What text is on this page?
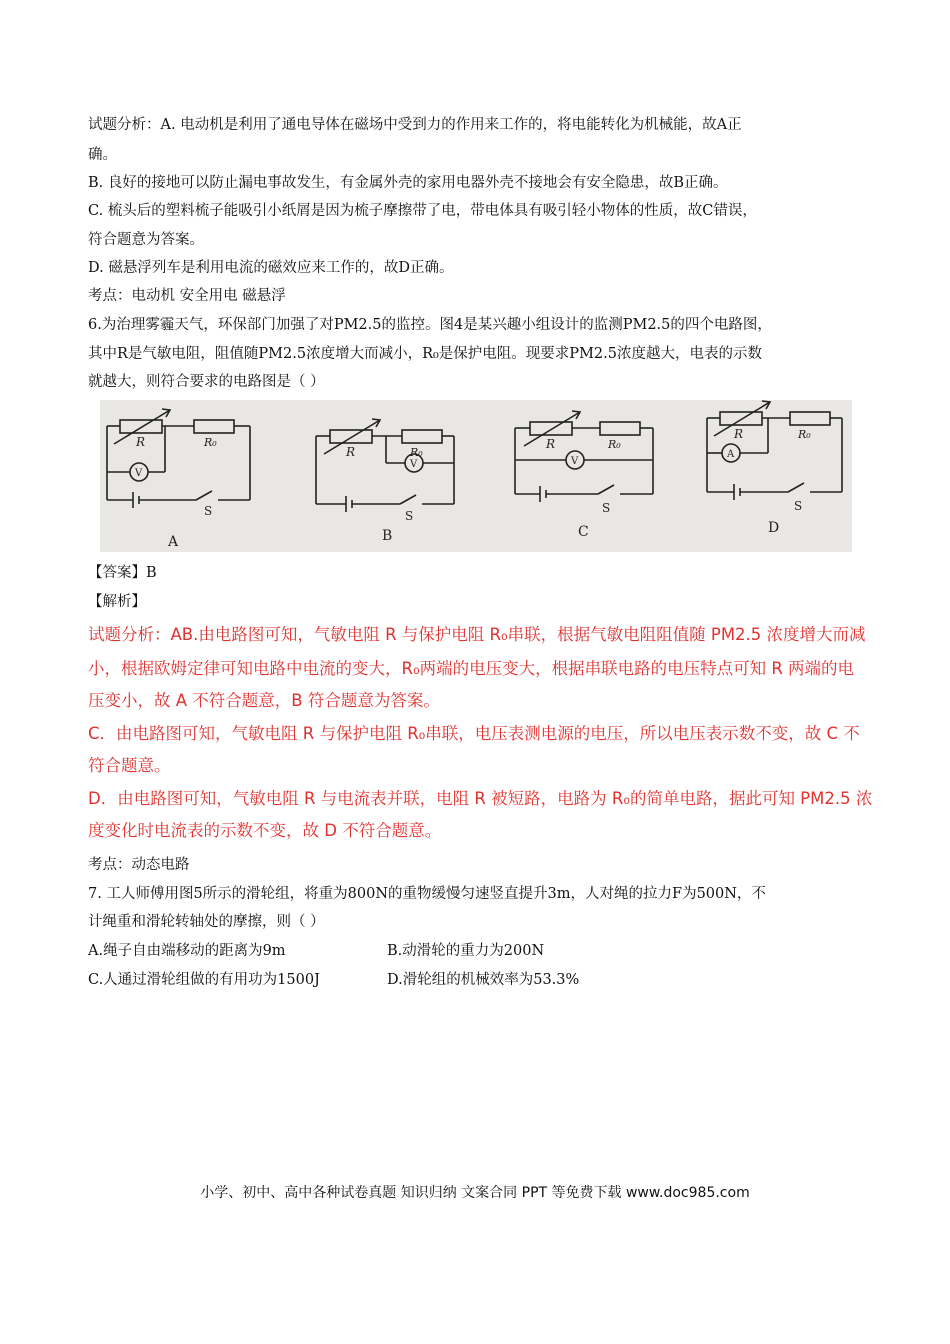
试题分析：A. 电动机是利用了通电导体在磁场中受到力的作用来工作的，将电能转化为机械能，故A正
确。
B. 良好的接地可以防止漏电事故发生，有金属外壳的家用电器外壳不接地会有安全隐患，故B正确。
C. 梳头后的塑料梳子能吸引小纸屑是因为梳子摩擦带了电，带电体具有吸引轻小物体的性质，故C错误，
符合题意为答案。
D. 磁悬浮列车是利用电流的磁效应来工作的，故D正确。
考点：电动机 安全用电 磁悬浮
6.为治理雾霾天气，环保部门加强了对PM2.5的监控。图4是某兴趣小组设计的监测PM2.5的四个电路图，
其中R是气敏电阻，阻值随PM2.5浓度增大而减小，R₀是保护电阻。现要求PM2.5浓度越大，电表的示数
就越大，则符合要求的电路图是（ ）
R	R₀
V
S
A
R	R₀
V
S
B
R	R₀
V
S
C
R	R₀
A
S
D
【答案】B
【解析】
试题分析：AB.由电路图可知，气敏电阻 R 与保护电阻 R₀串联，根据气敏电阻阻值随 PM2.5 浓度增大而减
小，根据欧姆定律可知电路中电流的变大，R₀两端的电压变大，根据串联电路的电压特点可知 R 两端的电
压变小，故 A 不符合题意，B 符合题意为答案。
C．由电路图可知，气敏电阻 R 与保护电阻 R₀串联，电压表测电源的电压，所以电压表示数不变，故 C 不
符合题意。
D．由电路图可知，气敏电阻 R 与电流表并联，电阻 R 被短路，电路为 R₀的简单电路，据此可知 PM2.5 浓
度变化时电流表的示数不变，故 D 不符合题意。
考点：动态电路
7. 工人师傅用图5所示的滑轮组，将重为800N的重物缓慢匀速竖直提升3m，人对绳的拉力F为500N，不
计绳重和滑轮转轴处的摩擦，则（ ）
A.绳子自由端移动的距离为9m	B.动滑轮的重力为200N
C.人通过滑轮组做的有用功为1500J	D.滑轮组的机械效率为53.3%
小学、初中、高中各种试卷真题 知识归纳 文案合同 PPT 等免费下载 www.doc985.com
